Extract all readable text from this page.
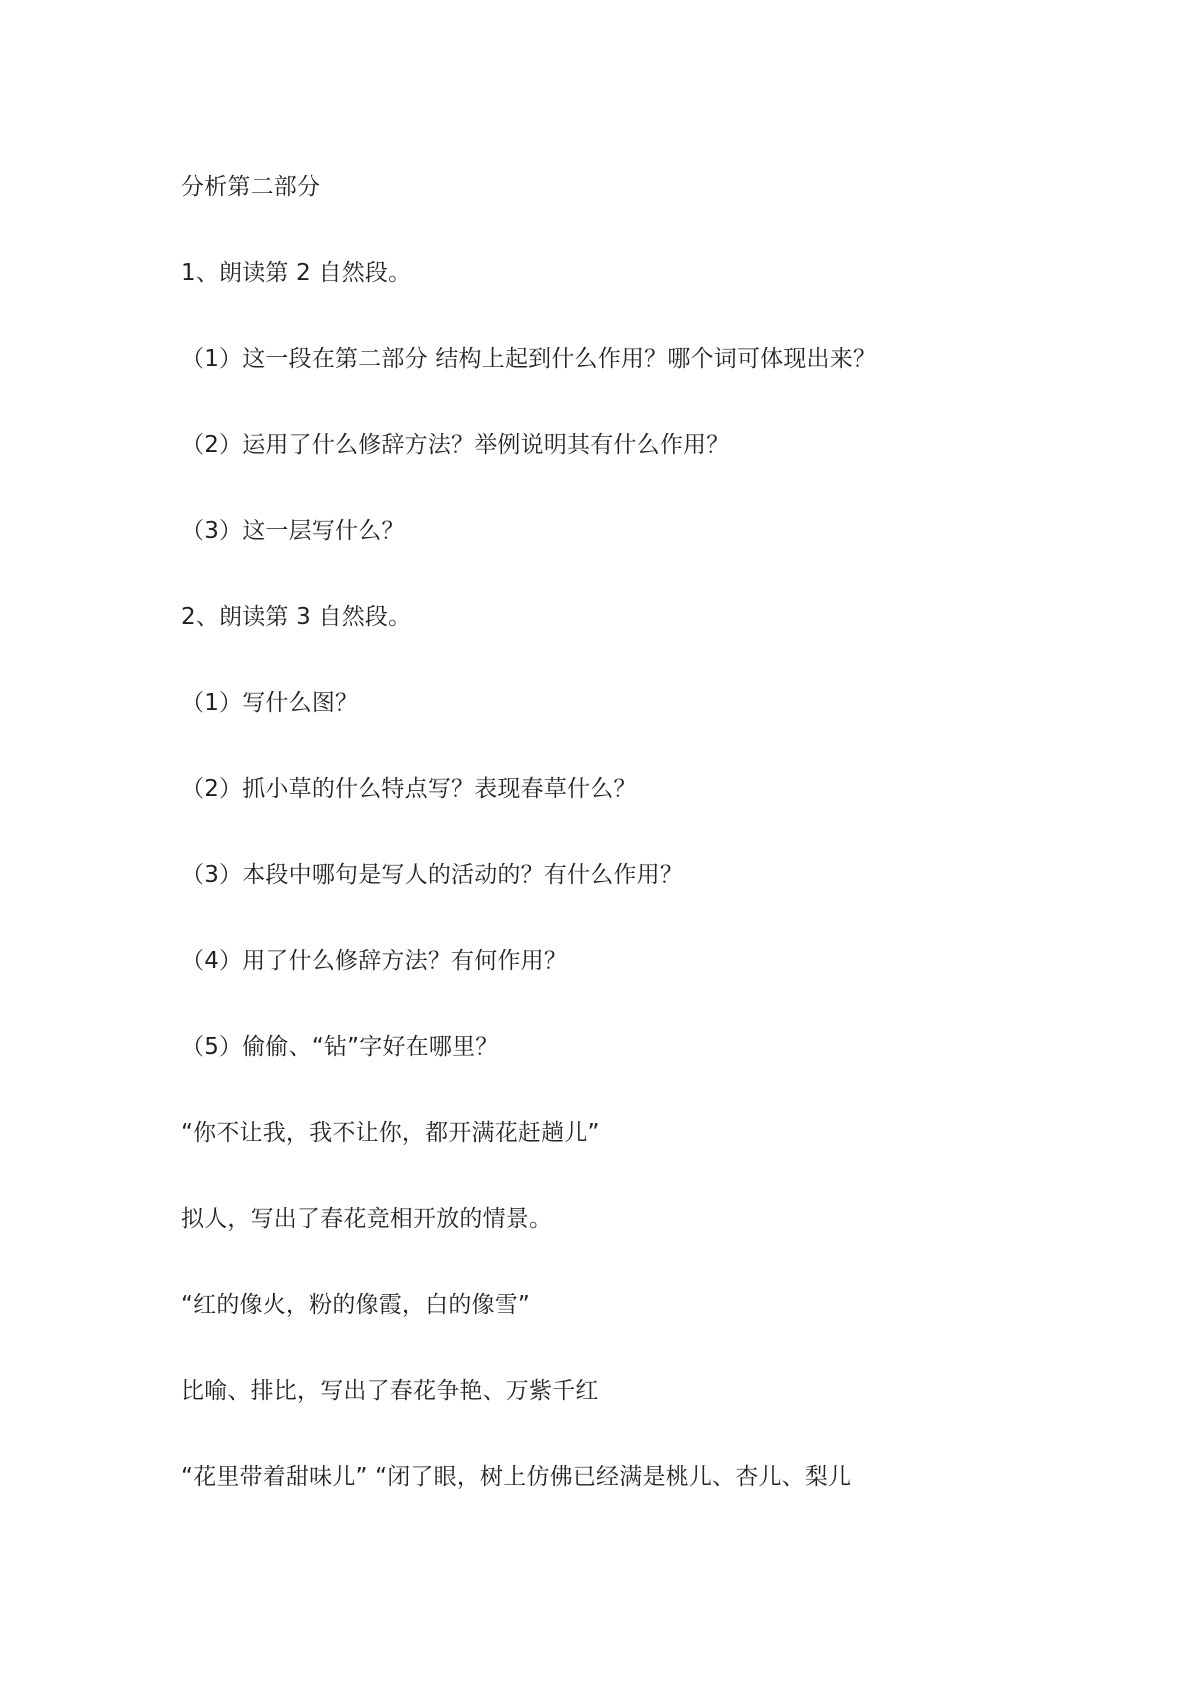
分析第二部分
1、朗读第 2 自然段。
（1）这一段在第二部分 结构上起到什么作用？哪个词可体现出来？
（2）运用了什么修辞方法？举例说明其有什么作用？
（3）这一层写什么？
2、朗读第 3 自然段。
（1）写什么图？
（2）抓小草的什么特点写？表现春草什么？
（3）本段中哪句是写人的活动的？有什么作用？
（4）用了什么修辞方法？有何作用？
（5）偷偷、“钻”字好在哪里？
“你不让我，我不让你，都开满花赶趟儿”
拟人，写出了春花竞相开放的情景。
“红的像火，粉的像霞，白的像雪”
比喻、排比，写出了春花争艳、万紫千红
“花里带着甜味儿” “闭了眼，树上仿佛已经满是桃儿、杏儿、梨儿
